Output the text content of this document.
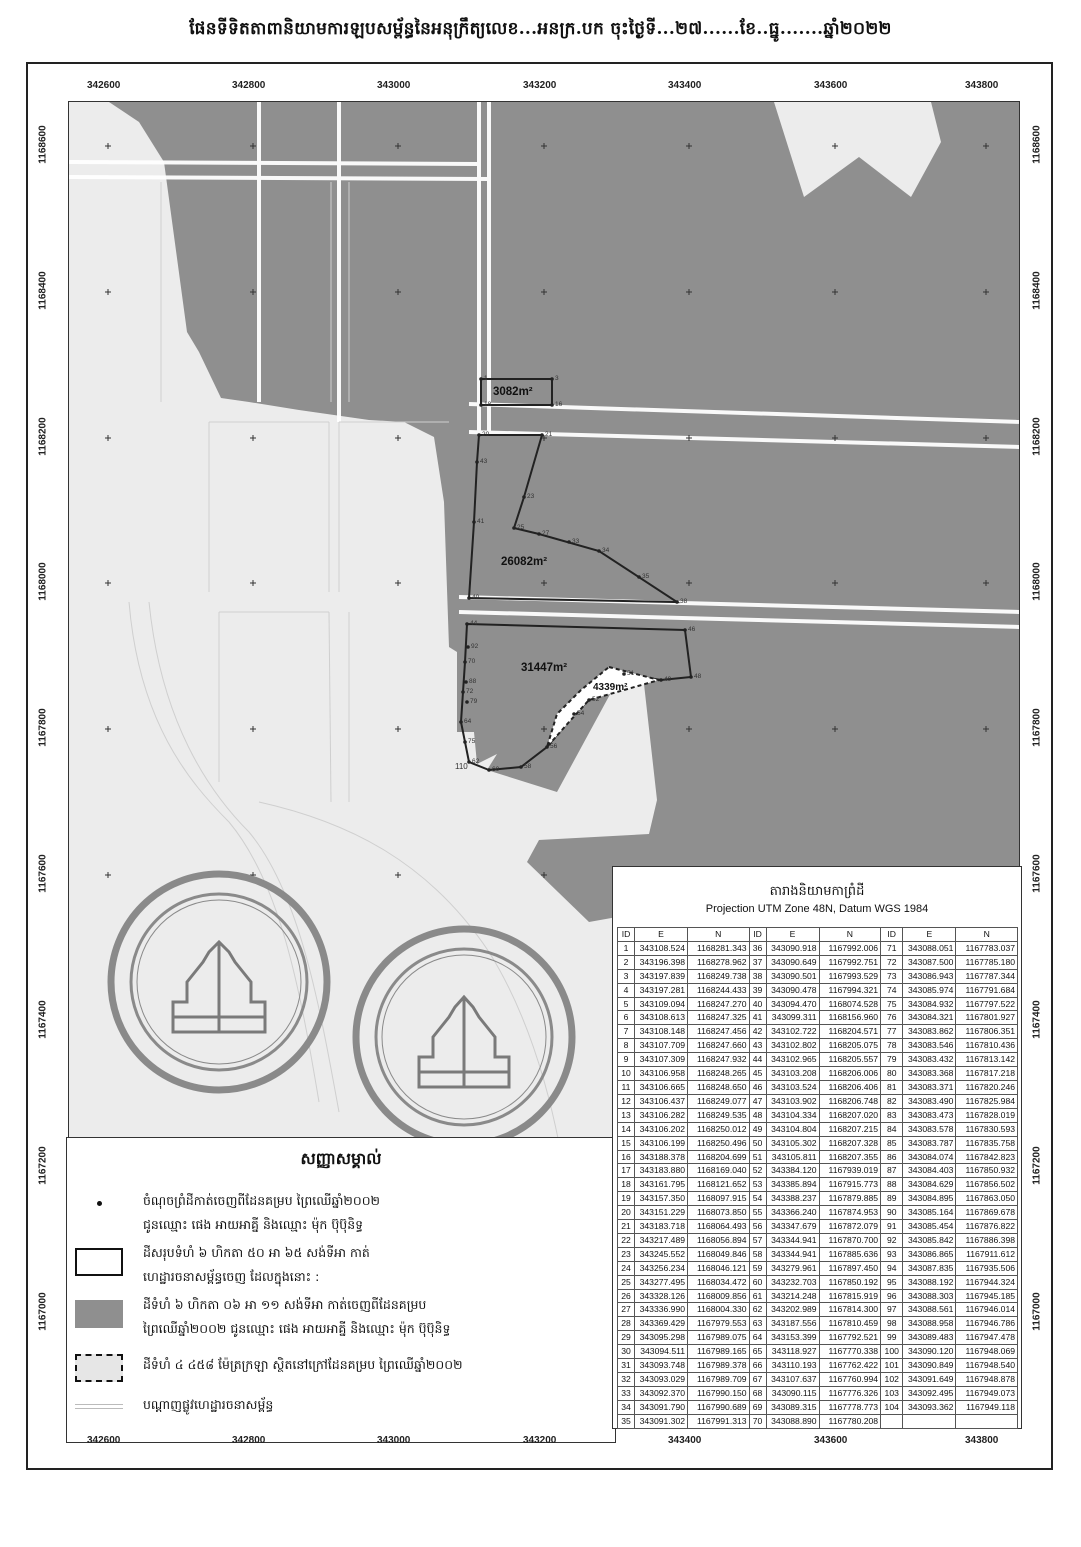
ផែនទីទិតតាពានិយាមការឡបសម្ព័ន្ធនៃអនុក្រឹត្យលេខ...អនក្រ.បក ចុះថ្ងៃទី...២៧......ខែ..ធ្នូ.......ឆ្នាំ២០២២
3082m²
26082m²
31447m²
4339m²
110
1	3
16
18
20	21
23
25
27
33
34
35
38
40
41
43
44
46
48
49
51
52
54
56
58
60
62
64
70
72
75
79
88
92
សញ្ញាសម្គាល់
ចំណុចព្រំដីកាត់ចេញពីដែនគម្រប ព្រៃឈើឆ្នាំ២០០២
ជូនឈ្មោះ ផេង អាយអាគ្នី និងឈ្មោះ ម៉ុក ប៊ុប៊ុនិទ្ធ
ដីសរុបទំហំ ៦ ហិកតា ៥០ អា ៦៥ សង់ទីអា កាត់
ហេដ្ឋារចនាសម្ព័ន្ធចេញ ដែលក្នុងនោះ :
ដីទំហំ ៦ ហិកតា ០៦ អា ១១ សង់ទីអា កាត់ចេញពីដែនគម្រប
ព្រៃឈើឆ្នាំ២០០២ ជូនឈ្មោះ ផេង អាយអាគ្នី និងឈ្មោះ ម៉ុក ប៊ុប៊ុនិទ្ធ
ដីទំហំ ៤ ៤៥៨ ម៉ែត្រក្រឡា ស្ថិតនៅក្រៅដែនគម្រប ព្រៃឈើឆ្នាំ២០០២
បណ្ដាញផ្លូវហេដ្ឋារចនាសម្ព័ន្ធ
តារាងនិយាមកាព្រំដី
Projection UTM Zone 48N, Datum WGS 1984
ID	E	N	ID	E	N	ID	E	N
1	343108.524	1168281.343	36	343090.918	1167992.006	71	343088.051	1167783.037
2	343196.398	1168278.962	37	343090.649	1167992.751	72	343087.500	1167785.180
3	343197.839	1168249.738	38	343090.501	1167993.529	73	343086.943	1167787.344
4	343197.281	1168244.433	39	343090.478	1167994.321	74	343085.974	1167791.684
5	343109.094	1168247.270	40	343094.470	1168074.528	75	343084.932	1167797.522
6	343108.613	1168247.325	41	343099.311	1168156.960	76	343084.321	1167801.927
7	343108.148	1168247.456	42	343102.722	1168204.571	77	343083.862	1167806.351
8	343107.709	1168247.660	43	343102.802	1168205.075	78	343083.546	1167810.436
9	343107.309	1168247.932	44	343102.965	1168205.557	79	343083.432	1167813.142
10	343106.958	1168248.265	45	343103.208	1168206.006	80	343083.368	1167817.218
11	343106.665	1168248.650	46	343103.524	1168206.406	81	343083.371	1167820.246
12	343106.437	1168249.077	47	343103.902	1168206.748	82	343083.490	1167825.984
13	343106.282	1168249.535	48	343104.334	1168207.020	83	343083.473	1167828.019
14	343106.202	1168250.012	49	343104.804	1168207.215	84	343083.578	1167830.593
15	343106.199	1168250.496	50	343105.302	1168207.328	85	343083.787	1167835.758
16	343188.378	1168204.699	51	343105.811	1168207.355	86	343084.074	1167842.823
17	343183.880	1168169.040	52	343384.120	1167939.019	87	343084.403	1167850.932
18	343161.795	1168121.652	53	343385.894	1167915.773	88	343084.629	1167856.502
19	343157.350	1168097.915	54	343388.237	1167879.885	89	343084.895	1167863.050
20	343151.229	1168073.850	55	343366.240	1167874.953	90	343085.164	1167869.678
21	343183.718	1168064.493	56	343347.679	1167872.079	91	343085.454	1167876.822
22	343217.489	1168056.894	57	343344.941	1167870.700	92	343085.842	1167886.398
23	343245.552	1168049.846	58	343344.941	1167885.636	93	343086.865	1167911.612
24	343256.234	1168046.121	59	343279.961	1167897.450	94	343087.835	1167935.506
25	343277.495	1168034.472	60	343232.703	1167850.192	95	343088.192	1167944.324
26	343328.126	1168009.856	61	343214.248	1167815.919	96	343088.303	1167945.185
27	343336.990	1168004.330	62	343202.989	1167814.300	97	343088.561	1167946.014
28	343369.429	1167979.553	63	343187.556	1167810.459	98	343088.958	1167946.786
29	343095.298	1167989.075	64	343153.399	1167792.521	99	343089.483	1167947.478
30	343094.511	1167989.165	65	343118.927	1167770.338	100	343090.120	1167948.069
31	343093.748	1167989.378	66	343110.193	1167762.422	101	343090.849	1167948.540
32	343093.029	1167989.709	67	343107.637	1167760.994	102	343091.649	1167948.878
33	343092.370	1167990.150	68	343090.115	1167776.326	103	343092.495	1167949.073
34	343091.790	1167990.689	69	343089.315	1167778.773	104	343093.362	1167949.118
35	343091.302	1167991.313	70	343088.890	1167780.208			
342600	342800	343000	343200	343400	343600	343800
342600	342800	343000	343200	343400	343600	343800
1168600
1168400
1168200
1168000
1167800
1167600
1167400
1167200
1167000
1168600
1168400
1168200
1168000
1167800
1167600
1167400
1167200
1167000
